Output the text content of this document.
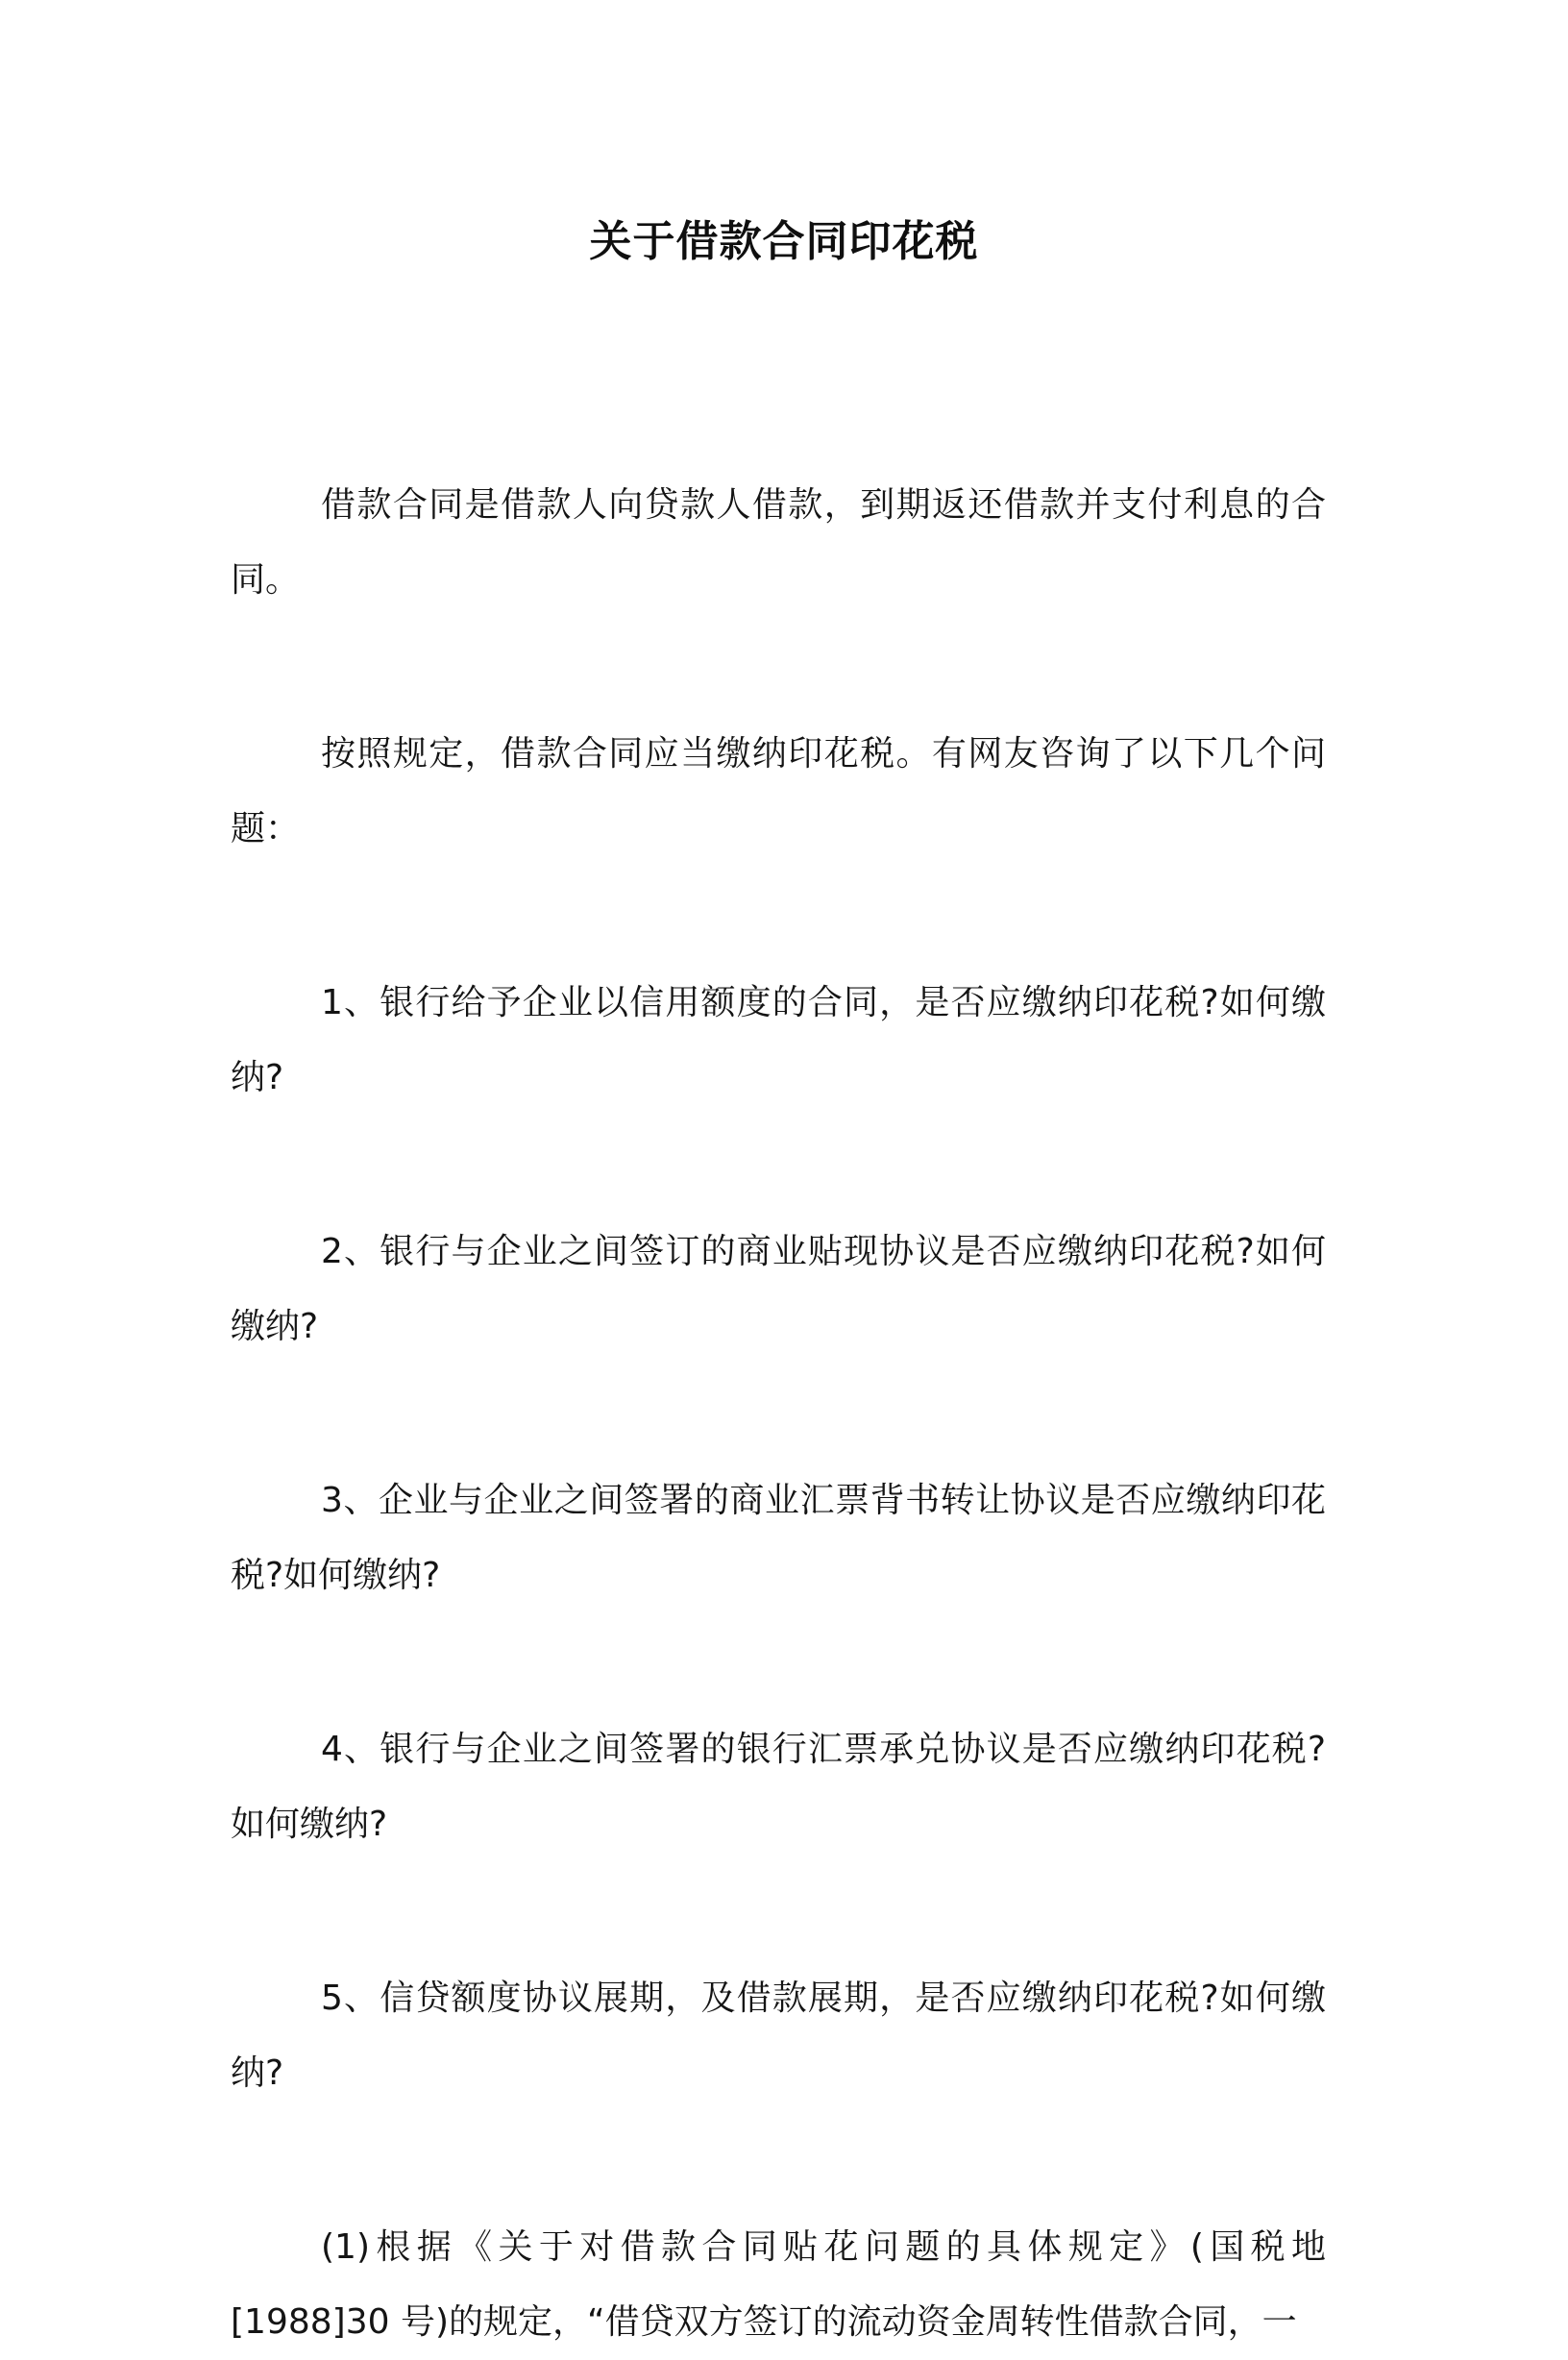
关于借款合同印花税

借款合同是借款人向贷款人借款，到期返还借款并支付利息的合同。

按照规定，借款合同应当缴纳印花税。有网友咨询了以下几个问题：

1、银行给予企业以信用额度的合同，是否应缴纳印花税?如何缴纳?

2、银行与企业之间签订的商业贴现协议是否应缴纳印花税?如何缴纳?

3、企业与企业之间签署的商业汇票背书转让协议是否应缴纳印花税?如何缴纳?

4、银行与企业之间签署的银行汇票承兑协议是否应缴纳印花税?如何缴纳?

5、信贷额度协议展期，及借款展期，是否应缴纳印花税?如何缴纳?

(1)根据《关于对借款合同贴花问题的具体规定》(国税地[1988]30 号)的规定，“借贷双方签订的流动资金周转性借款合同，一
